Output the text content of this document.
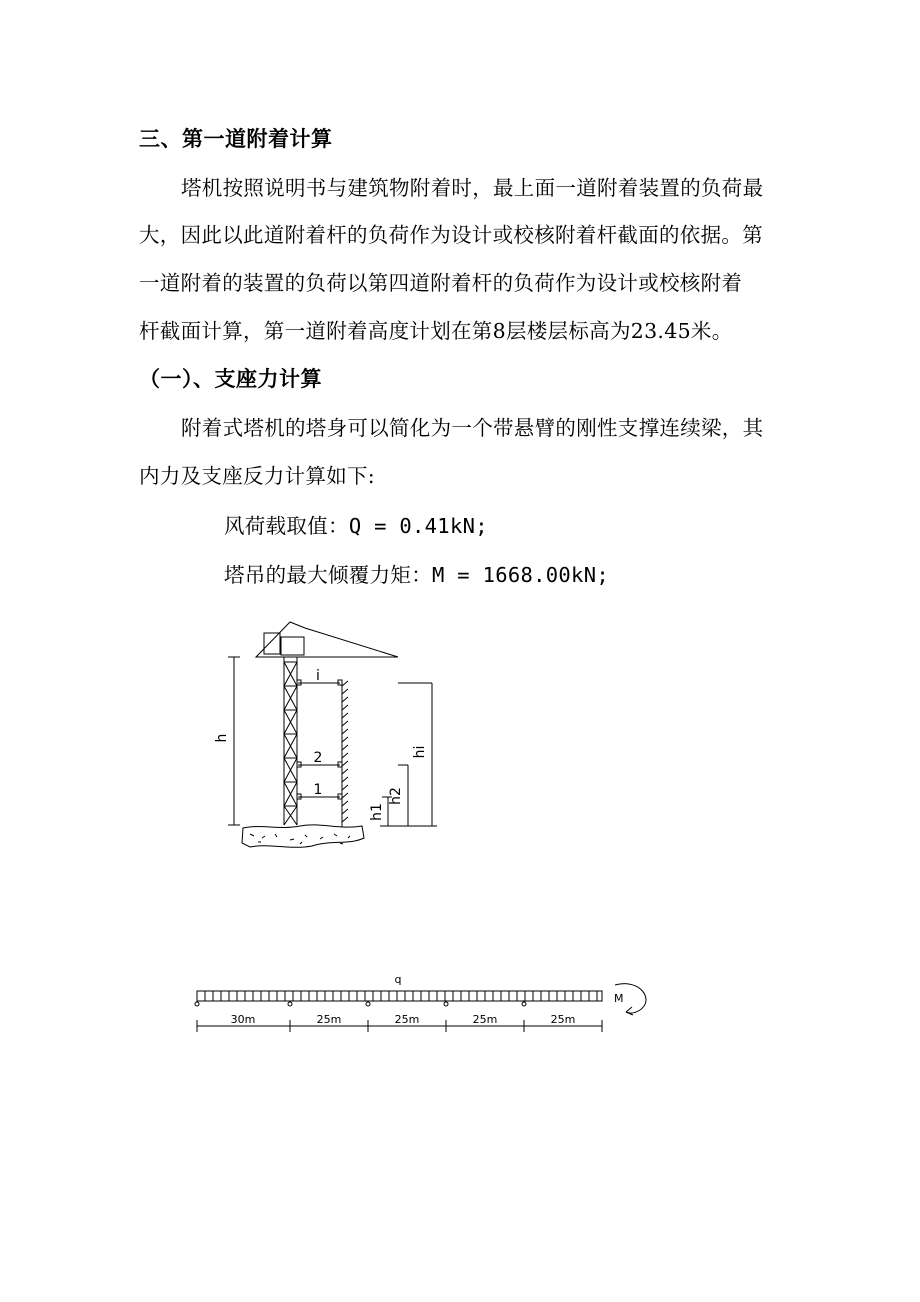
三、第一道附着计算
塔机按照说明书与建筑物附着时，最上面一道附着装置的负荷最
大，因此以此道附着杆的负荷作为设计或校核附着杆截面的依据。第
一道附着的装置的负荷以第四道附着杆的负荷作为设计或校核附着
杆截面计算，第一道附着高度计划在第8层楼层标高为23.45米。
（一）、支座力计算
附着式塔机的塔身可以简化为一个带悬臂的刚性支撑连续梁，其
内力及支座反力计算如下:
风荷载取值：Q = 0.41kN;
塔吊的最大倾覆力矩：M = 1668.00kN;
h
hi
h2
h1
i
2
1
q
M
30m	25m	25m	25m	25m
